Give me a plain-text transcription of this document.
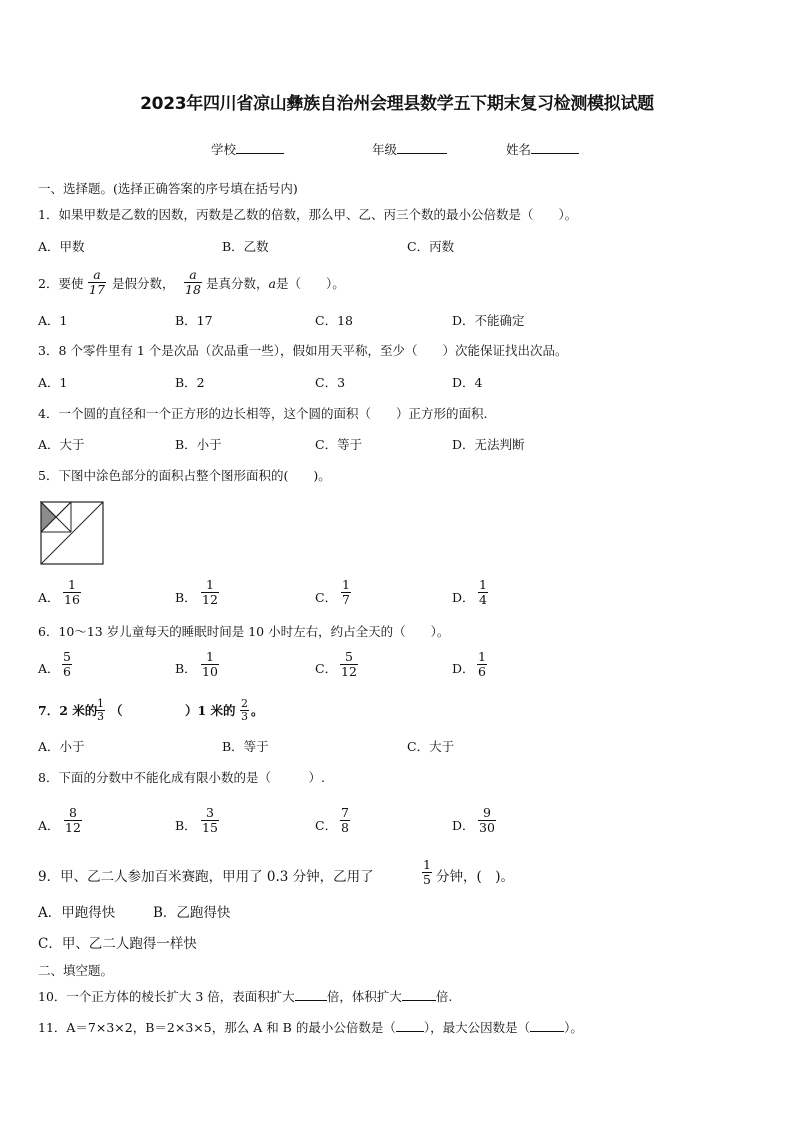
2023年四川省凉山彝族自治州会理县数学五下期末复习检测模拟试题
学校	年级	姓名
一、选择题。(选择正确答案的序号填在括号内)
1．如果甲数是乙数的因数，丙数是乙数的倍数，那么甲、乙、丙三个数的最小公倍数是（　　）。
A．甲数	B．乙数	C．丙数
2．要使 $\frac{a}{17}$ 是假分数， $\frac{a}{18}$ 是真分数，a是（　　）。
A．1	B．17	C．18	D．不能确定
3．8 个零件里有 1 个是次品（次品重一些），假如用天平称，至少（　　）次能保证找出次品。
A．1	B．2	C．3	D．4
4．一个圆的直径和一个正方形的边长相等，这个圆的面积（　　）正方形的面积.
A．大于	B．小于	C．等于	D．无法判断
5．下图中涂色部分的面积占整个图形面积的(　　)。
A． $\frac{1}{16}$	B． $\frac{1}{12}$	C． $\frac{1}{7}$	D． $\frac{1}{4}$
6．10～13 岁儿童每天的睡眠时间是 10 小时左右，约占全天的（　　）。
A． $\frac{5}{6}$	B． $\frac{1}{10}$	C． $\frac{5}{12}$	D． $\frac{1}{6}$
7．2 米的
$\frac{1}{3}$ （　　　　　）1 米的 $\frac{2}{3}$ 。
A．小于	B．等于	C．大于
8．下面的分数中不能化成有限小数的是（　　　）.
A． $\frac{8}{12}$	B． $\frac{3}{15}$	C． $\frac{7}{8}$	D． $\frac{9}{30}$
9．甲、乙二人参加百米赛跑，甲用了 0.3 分钟，乙用了	$\frac{1}{5}$ 分钟，(　)。
A．甲跑得快	B．乙跑得快
C．甲、乙二人跑得一样快
二、填空题。
10．一个正方体的棱长扩大 3 倍，表面积扩大	倍，体积扩大	倍.
11．A＝7×3×2，B＝2×3×5，那么 A 和 B 的最小公倍数是（ ），最大公因数是（	）。
